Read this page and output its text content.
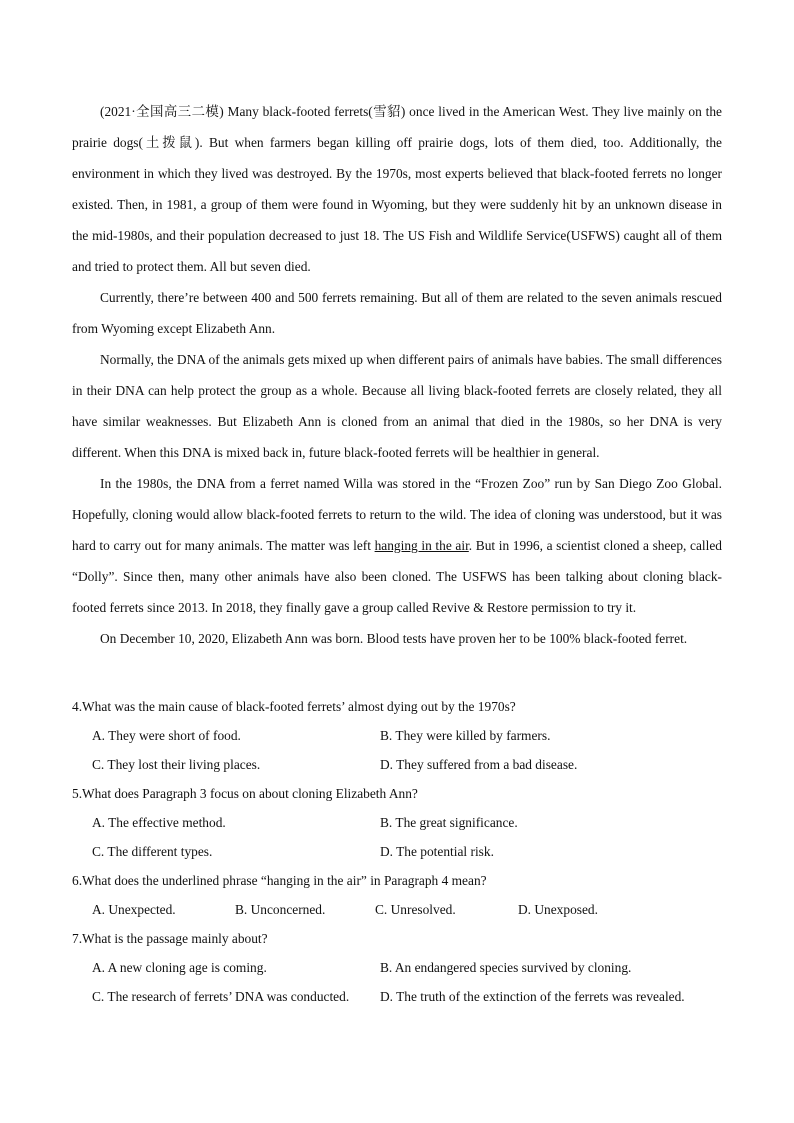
(2021·全国高三二模) Many black-footed ferrets(雪貂) once lived in the American West. They live mainly on the prairie dogs(土拨鼠). But when farmers began killing off prairie dogs, lots of them died, too. Additionally, the environment in which they lived was destroyed. By the 1970s, most experts believed that black-footed ferrets no longer existed. Then, in 1981, a group of them were found in Wyoming, but they were suddenly hit by an unknown disease in the mid-1980s, and their population decreased to just 18. The US Fish and Wildlife Service(USFWS) caught all of them and tried to protect them. All but seven died.

Currently, there’re between 400 and 500 ferrets remaining. But all of them are related to the seven animals rescued from Wyoming except Elizabeth Ann.

Normally, the DNA of the animals gets mixed up when different pairs of animals have babies. The small differences in their DNA can help protect the group as a whole. Because all living black-footed ferrets are closely related, they all have similar weaknesses. But Elizabeth Ann is cloned from an animal that died in the 1980s, so her DNA is very different. When this DNA is mixed back in, future black-footed ferrets will be healthier in general.

In the 1980s, the DNA from a ferret named Willa was stored in the “Frozen Zoo” run by San Diego Zoo Global. Hopefully, cloning would allow black-footed ferrets to return to the wild. The idea of cloning was understood, but it was hard to carry out for many animals. The matter was left hanging in the air. But in 1996, a scientist cloned a sheep, called “Dolly”. Since then, many other animals have also been cloned. The USFWS has been talking about cloning black-footed ferrets since 2013. In 2018, they finally gave a group called Revive & Restore permission to try it.

On December 10, 2020, Elizabeth Ann was born. Blood tests have proven her to be 100% black-footed ferret.

4.What was the main cause of black-footed ferrets’ almost dying out by the 1970s?

A. They were short of food.	B. They were killed by farmers.
C. They lost their living places.	D. They suffered from a bad disease.

5.What does Paragraph 3 focus on about cloning Elizabeth Ann?

A. The effective method.	B. The great significance.
C. The different types.	D. The potential risk.

6.What does the underlined phrase “hanging in the air” in Paragraph 4 mean?

A. Unexpected.	B. Unconcerned.	C. Unresolved.	D. Unexposed.

7.What is the passage mainly about?

A. A new cloning age is coming.	B. An endangered species survived by cloning.
C. The research of ferrets’ DNA was conducted.	D. The truth of the extinction of the ferrets was revealed.
